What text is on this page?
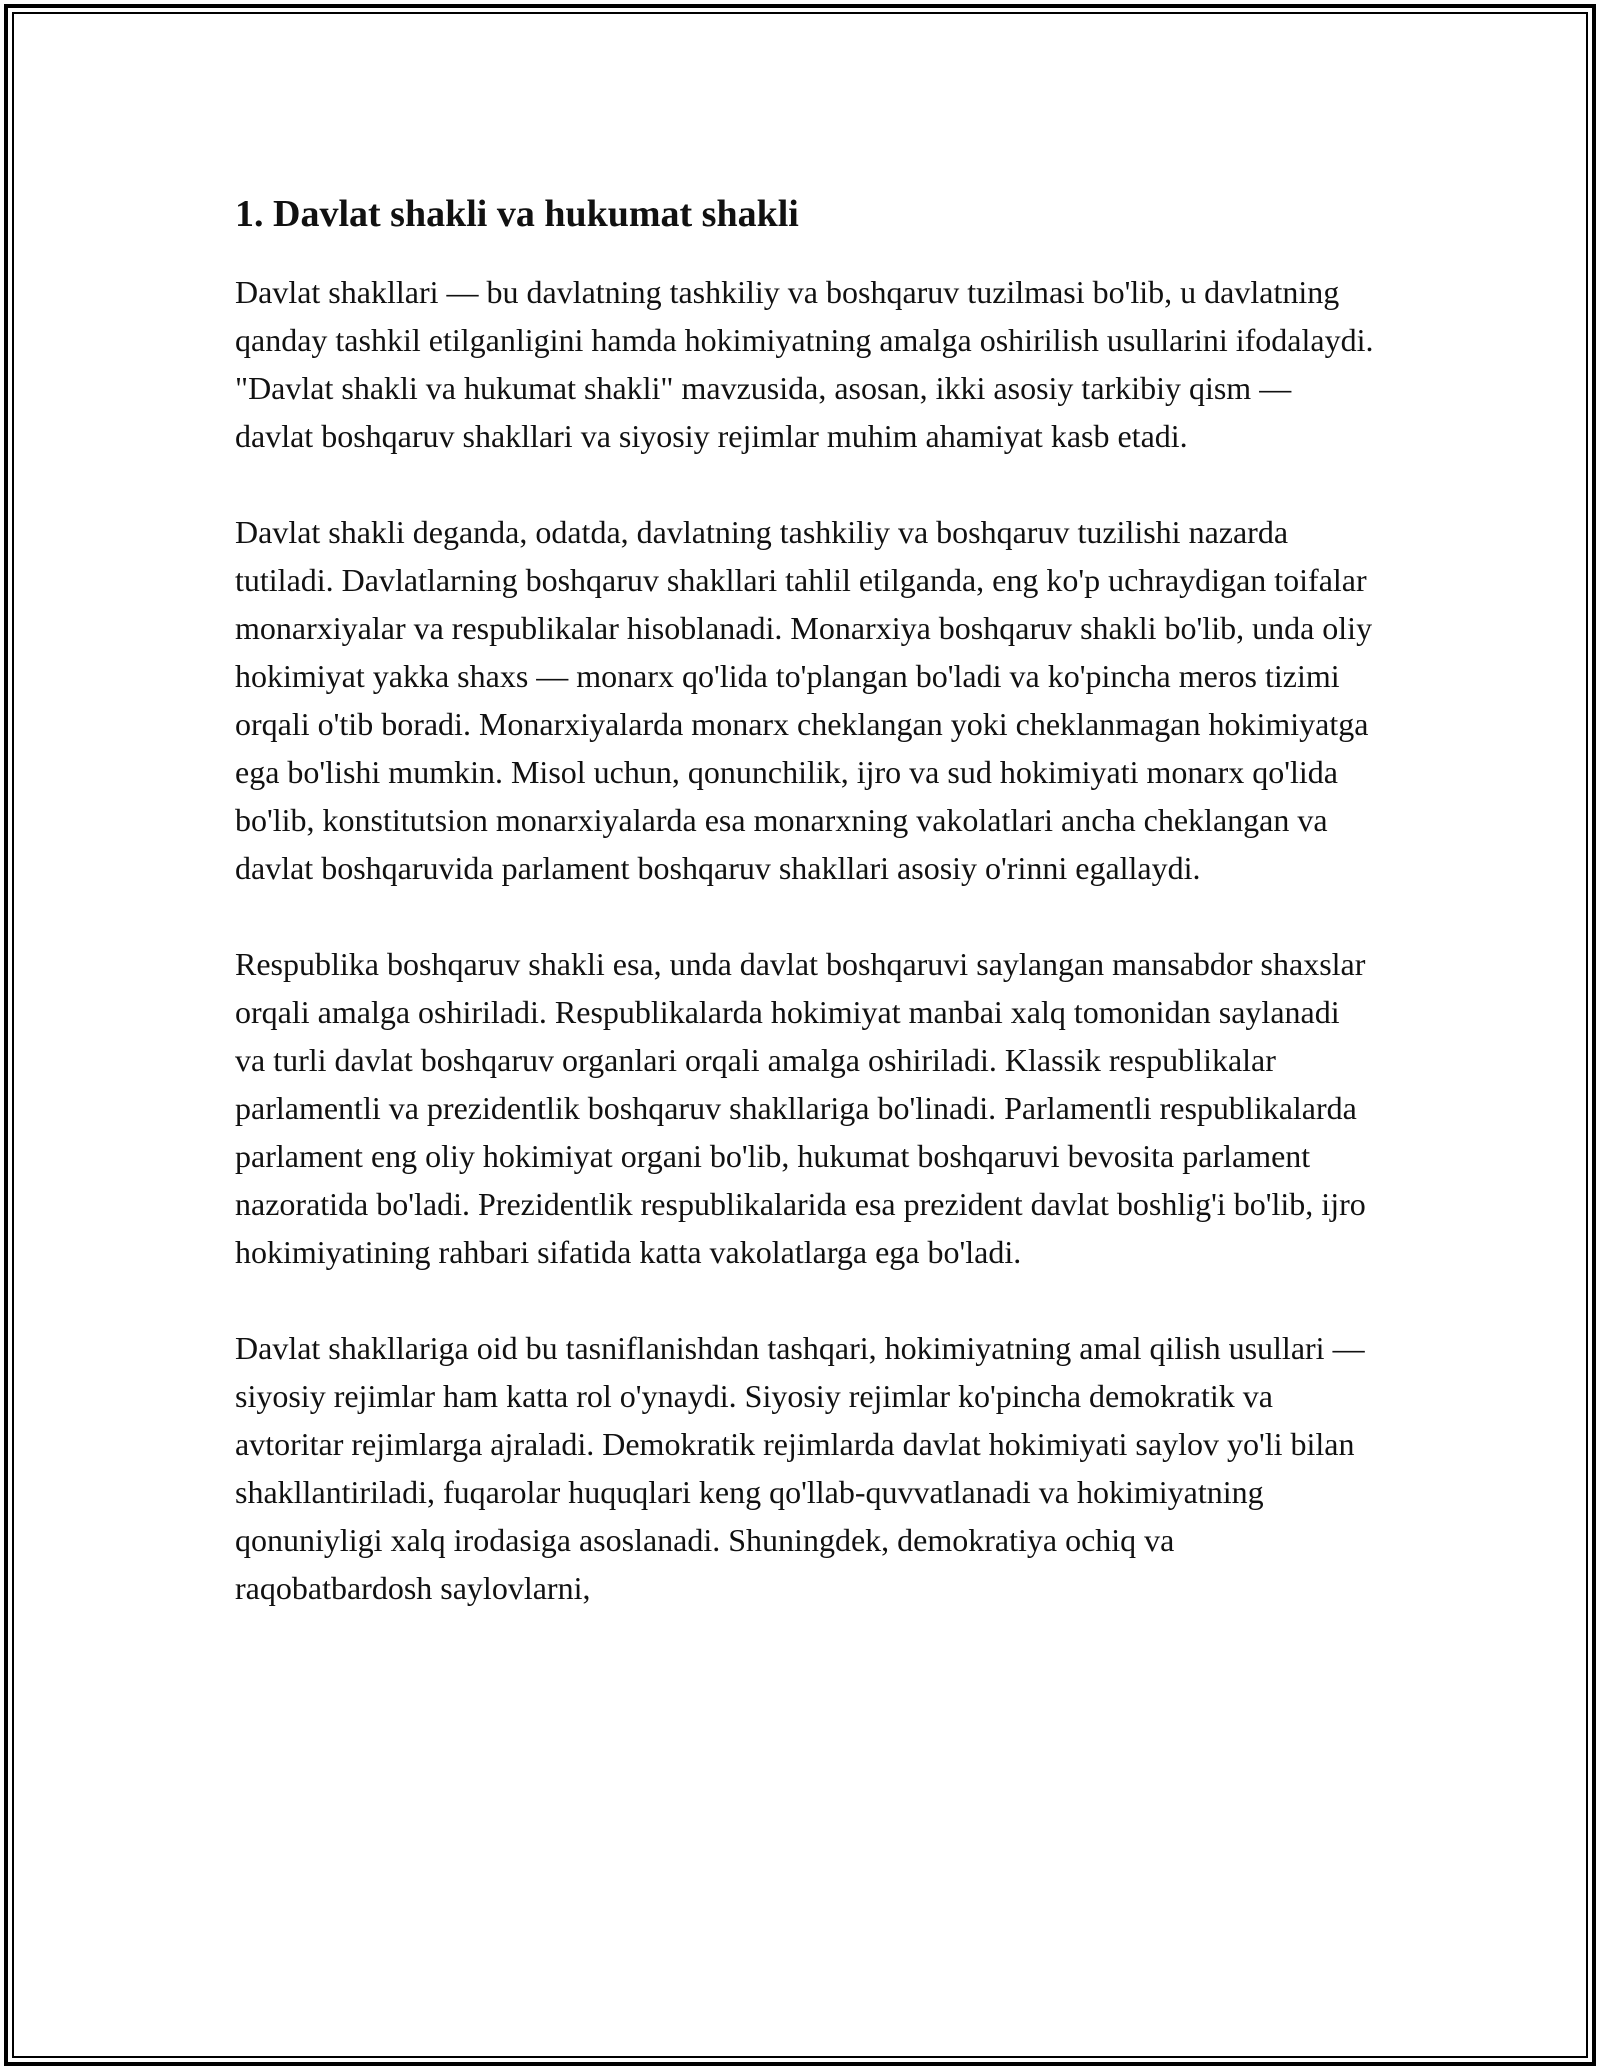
1. Davlat shakli va hukumat shakli

Davlat shakllari — bu davlatning tashkiliy va boshqaruv tuzilmasi bo'lib, u davlatning qanday tashkil etilganligini hamda hokimiyatning amalga oshirilish usullarini ifodalaydi. "Davlat shakli va hukumat shakli" mavzusida, asosan, ikki asosiy tarkibiy qism — davlat boshqaruv shakllari va siyosiy rejimlar muhim ahamiyat kasb etadi.

Davlat shakli deganda, odatda, davlatning tashkiliy va boshqaruv tuzilishi nazarda tutiladi. Davlatlarning boshqaruv shakllari tahlil etilganda, eng ko'p uchraydigan toifalar monarxiyalar va respublikalar hisoblanadi. Monarxiya boshqaruv shakli bo'lib, unda oliy hokimiyat yakka shaxs — monarx qo'lida to'plangan bo'ladi va ko'pincha meros tizimi orqali o'tib boradi. Monarxiyalarda monarx cheklangan yoki cheklanmagan hokimiyatga ega bo'lishi mumkin. Misol uchun, qonunchilik, ijro va sud hokimiyati monarx qo'lida bo'lib, konstitutsion monarxiyalarda esa monarxning vakolatlari ancha cheklangan va davlat boshqaruvida parlament boshqaruv shakllari asosiy o'rinni egallaydi.

Respublika boshqaruv shakli esa, unda davlat boshqaruvi saylangan mansabdor shaxslar orqali amalga oshiriladi. Respublikalarda hokimiyat manbai xalq tomonidan saylanadi va turli davlat boshqaruv organlari orqali amalga oshiriladi. Klassik respublikalar parlamentli va prezidentlik boshqaruv shakllariga bo'linadi. Parlamentli respublikalarda parlament eng oliy hokimiyat organi bo'lib, hukumat boshqaruvi bevosita parlament nazoratida bo'ladi. Prezidentlik respublikalarida esa prezident davlat boshlig'i bo'lib, ijro hokimiyatining rahbari sifatida katta vakolatlarga ega bo'ladi.

Davlat shakllariga oid bu tasniflanishdan tashqari, hokimiyatning amal qilish usullari — siyosiy rejimlar ham katta rol o'ynaydi. Siyosiy rejimlar ko'pincha demokratik va avtoritar rejimlarga ajraladi. Demokratik rejimlarda davlat hokimiyati saylov yo'li bilan shakllantiriladi, fuqarolar huquqlari keng qo'llab-quvvatlanadi va hokimiyatning qonuniyligi xalq irodasiga asoslanadi. Shuningdek, demokratiya ochiq va raqobatbardosh saylovlarni,
